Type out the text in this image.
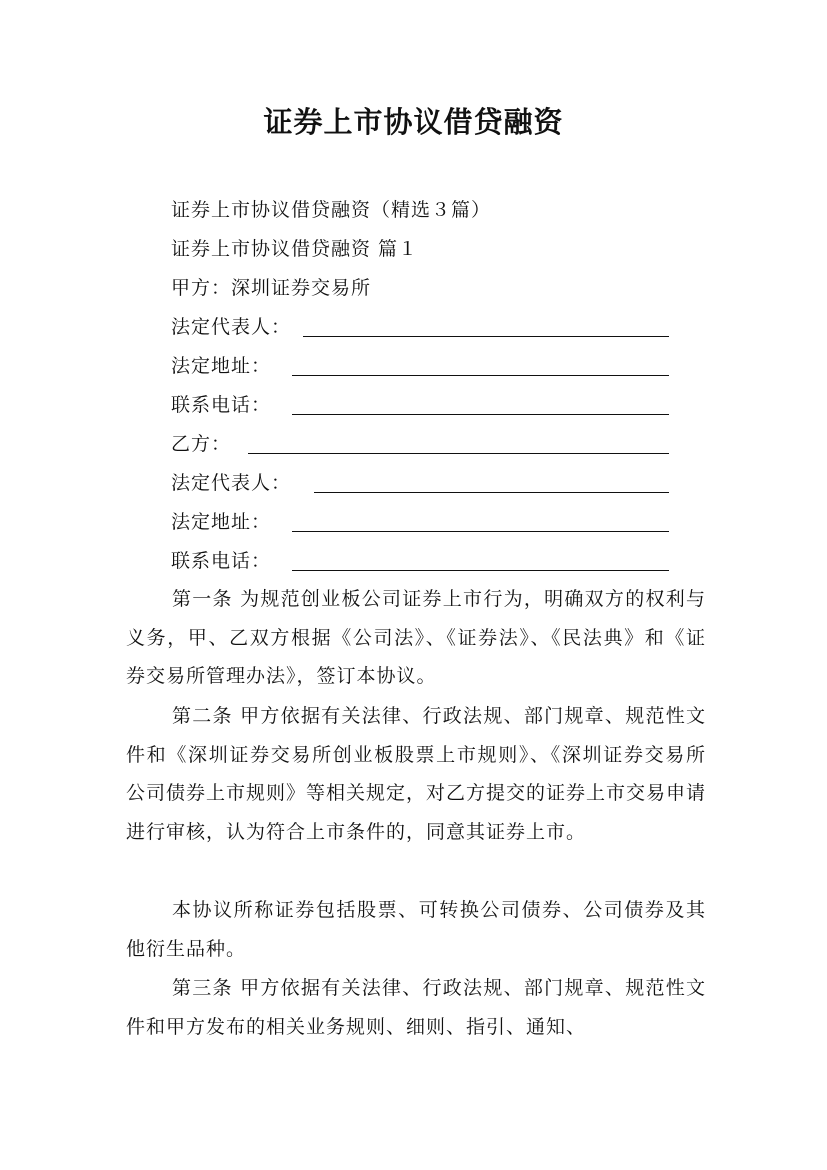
证券上市协议借贷融资
证券上市协议借贷融资（精选３篇）
证券上市协议借贷融资 篇１
甲方：深圳证券交易所
法定代表人：
法定地址：
联系电话：
乙方：
法定代表人：
法定地址：
联系电话：

第一条 为规范创业板公司证券上市行为，明确双方的权利与义务，甲、乙双方根据《公司法》、《证券法》、《民法典》和《证券交易所管理办法》，签订本协议。

第二条 甲方依据有关法律、行政法规、部门规章、规范性文件和《深圳证券交易所创业板股票上市规则》、《深圳证券交易所公司债券上市规则》等相关规定，对乙方提交的证券上市交易申请进行审核，认为符合上市条件的，同意其证券上市。

本协议所称证券包括股票、可转换公司债券、公司债券及其他衍生品种。

第三条 甲方依据有关法律、行政法规、部门规章、规范性文件和甲方发布的相关业务规则、细则、指引、通知、
